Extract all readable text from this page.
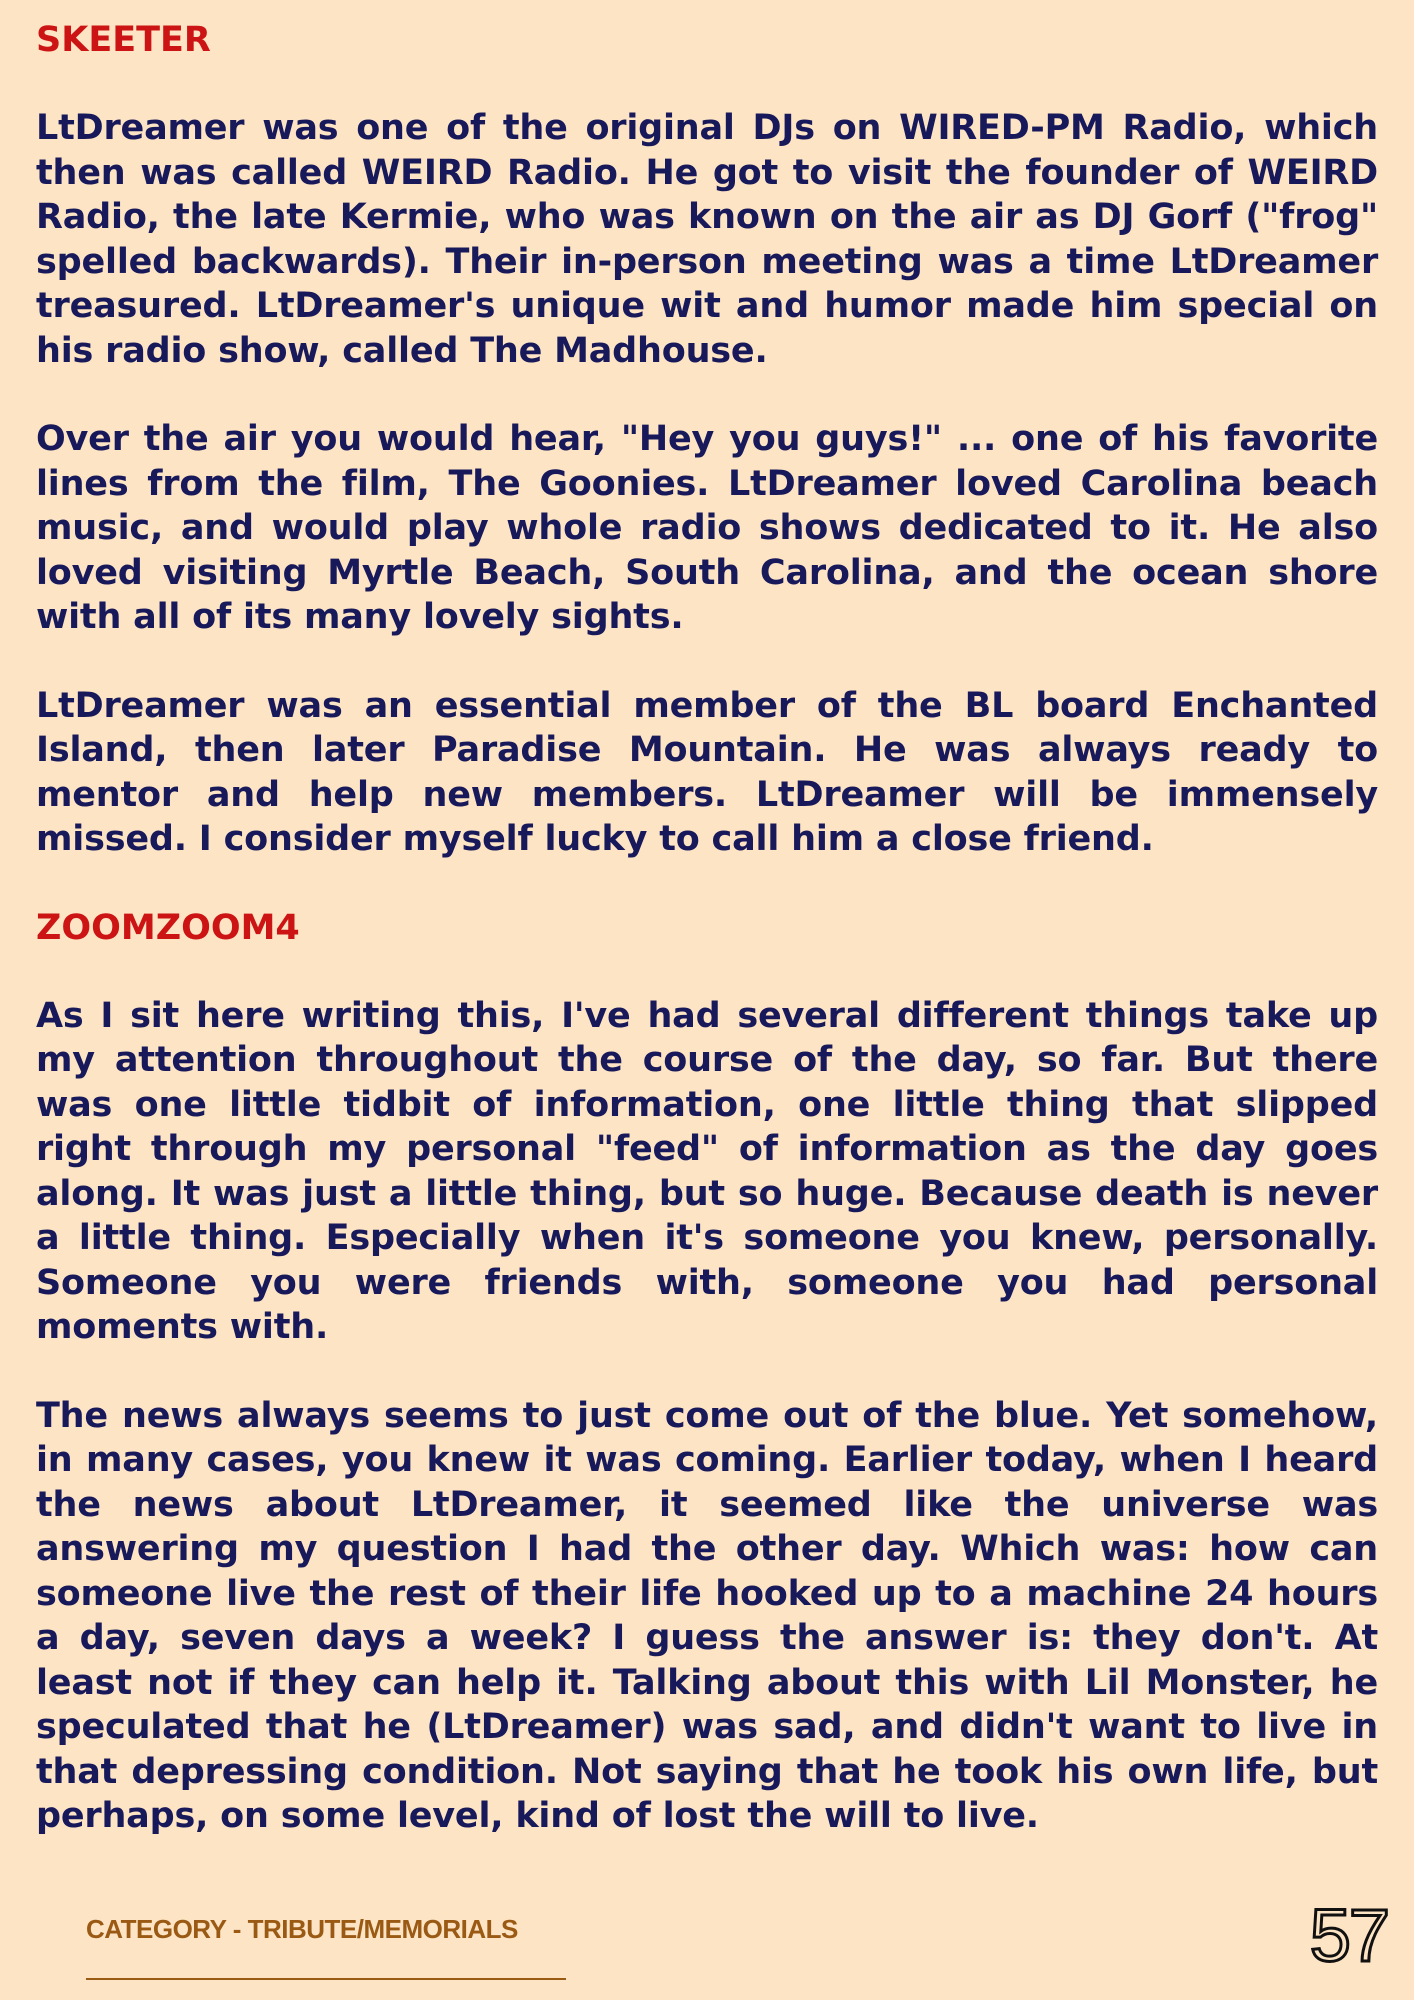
SKEETER

LtDreamer was one of the original DJs on WIRED-PM Radio, which then was called WEIRD Radio. He got to visit the founder of WEIRD Radio, the late Kermie, who was known on the air as DJ Gorf ("frog" spelled backwards). Their in-person meeting was a time LtDreamer treasured. LtDreamer's unique wit and humor made him special on his radio show, called The Madhouse.

Over the air you would hear, "Hey you guys!" ... one of his favorite lines from the film, The Goonies. LtDreamer loved Carolina beach music, and would play whole radio shows dedicated to it. He also loved visiting Myrtle Beach, South Carolina, and the ocean shore with all of its many lovely sights.

LtDreamer was an essential member of the BL board Enchanted Island, then later Paradise Mountain. He was always ready to mentor and help new members. LtDreamer will be immensely missed. I consider myself lucky to call him a close friend.

ZOOMZOOM4

As I sit here writing this, I've had several different things take up my attention throughout the course of the day, so far. But there was one little tidbit of information, one little thing that slipped right through my personal "feed" of information as the day goes along. It was just a little thing, but so huge. Because death is never a little thing. Especially when it's someone you knew, personally. Someone you were friends with, someone you had personal moments with.

The news always seems to just come out of the blue. Yet somehow, in many cases, you knew it was coming. Earlier today, when I heard the news about LtDreamer, it seemed like the universe was answering my question I had the other day. Which was: how can someone live the rest of their life hooked up to a machine 24 hours a day, seven days a week? I guess the answer is: they don't. At least not if they can help it. Talking about this with Lil Monster, he speculated that he (LtDreamer) was sad, and didn't want to live in that depressing condition. Not saying that he took his own life, but perhaps, on some level, kind of lost the will to live.

CATEGORY - TRIBUTE/MEMORIALS	57
